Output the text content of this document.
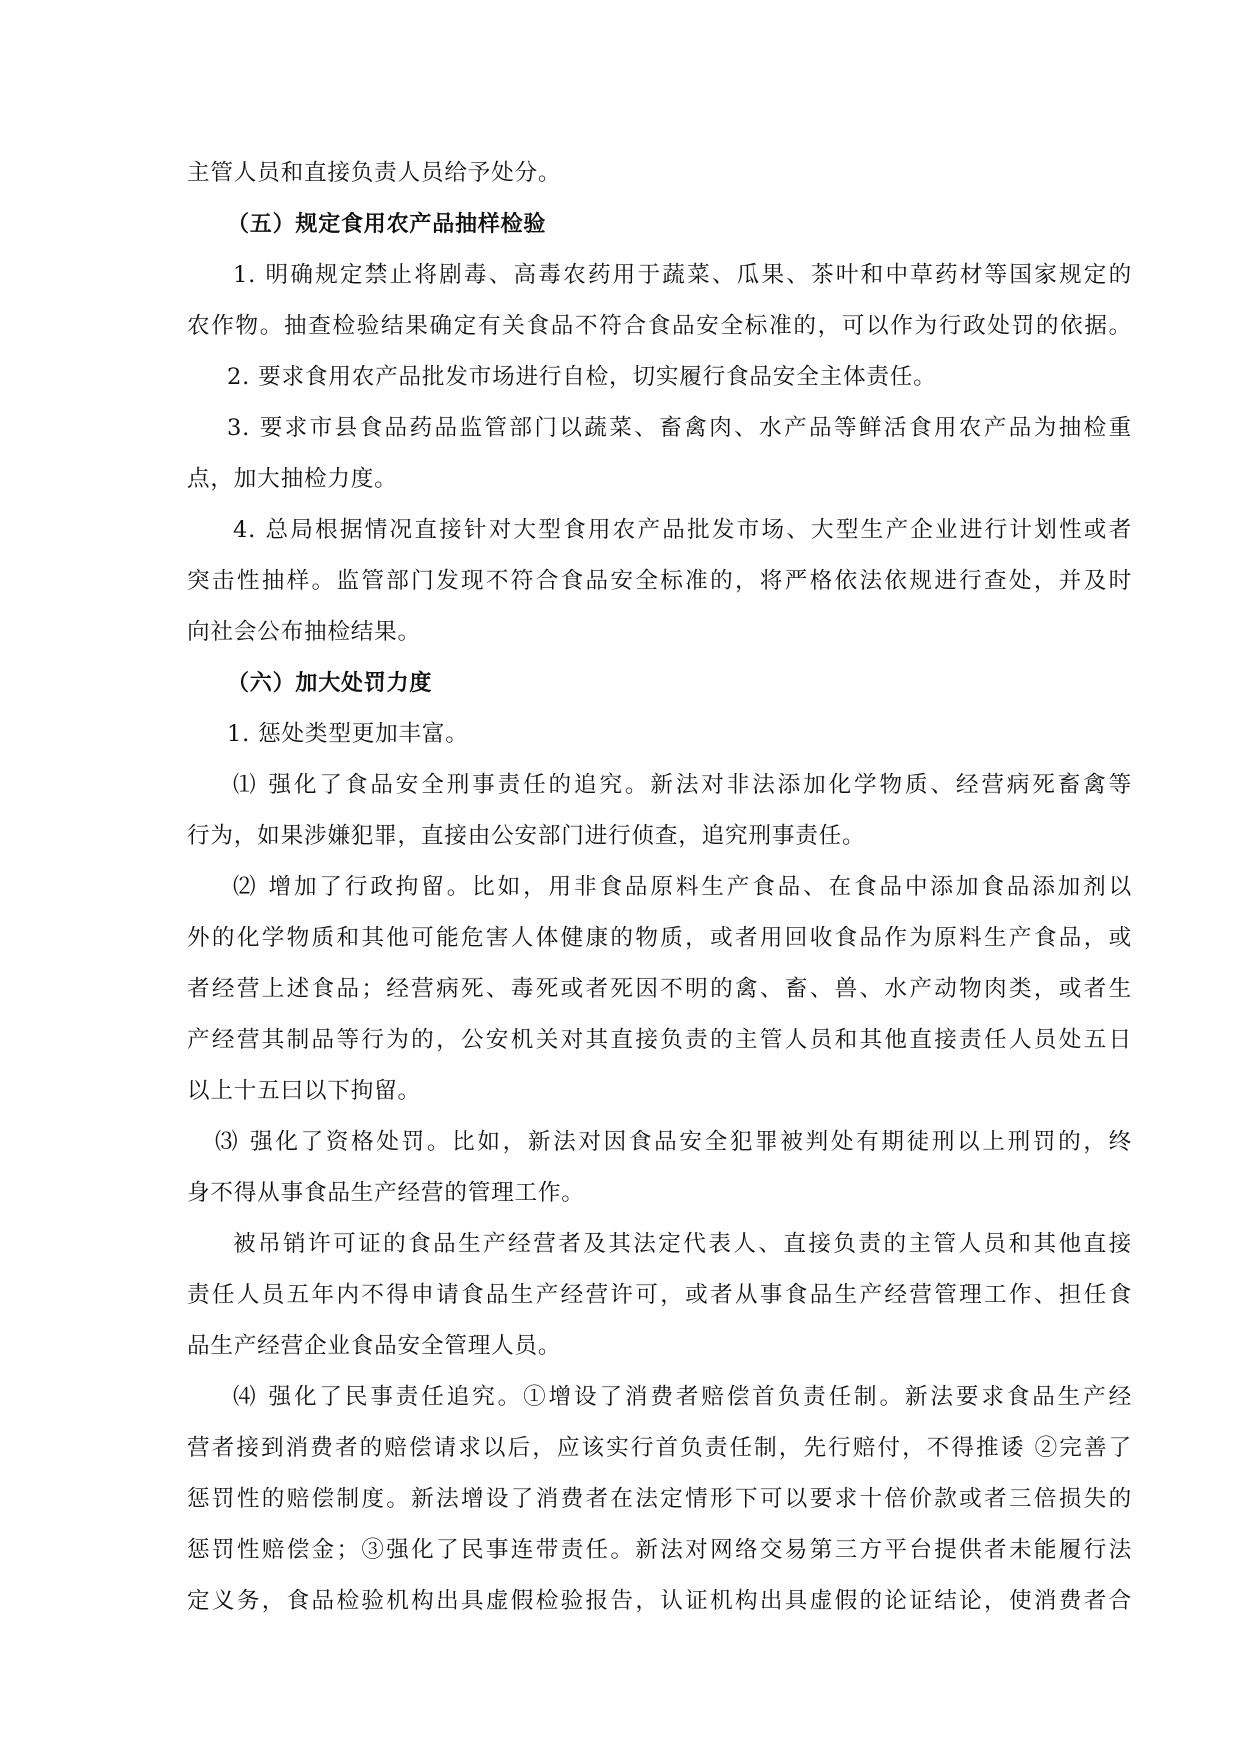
主管人员和直接负责人员给予处分。
（五）规定食用农产品抽样检验
1. 明确规定禁止将剧毒、高毒农药用于蔬菜、瓜果、茶叶和中草药材等国家规定的
农作物。抽查检验结果确定有关食品不符合食品安全标准的，可以作为行政处罚的依据。
2. 要求食用农产品批发市场进行自检，切实履行食品安全主体责任。
3. 要求市县食品药品监管部门以蔬菜、畜禽肉、水产品等鲜活食用农产品为抽检重
点，加大抽检力度。
4. 总局根据情况直接针对大型食用农产品批发市场、大型生产企业进行计划性或者
突击性抽样。监管部门发现不符合食品安全标准的，将严格依法依规进行查处，并及时
向社会公布抽检结果。
（六）加大处罚力度
1. 惩处类型更加丰富。
⑴ 强化了食品安全刑事责任的追究。新法对非法添加化学物质、经营病死畜禽等
行为，如果涉嫌犯罪，直接由公安部门进行侦查，追究刑事责任。
⑵ 增加了行政拘留。比如，用非食品原料生产食品、在食品中添加食品添加剂以
外的化学物质和其他可能危害人体健康的物质，或者用回收食品作为原料生产食品，或
者经营上述食品；经营病死、毒死或者死因不明的禽、畜、兽、水产动物肉类，或者生
产经营其制品等行为的，公安机关对其直接负责的主管人员和其他直接责任人员处五日
以上十五曰以下拘留。
⑶ 强化了资格处罚。比如，新法对因食品安全犯罪被判处有期徒刑以上刑罚的，终
身不得从事食品生产经营的管理工作。
被吊销许可证的食品生产经营者及其法定代表人、直接负责的主管人员和其他直接
责任人员五年内不得申请食品生产经营许可，或者从事食品生产经营管理工作、担任食
品生产经营企业食品安全管理人员。
⑷ 强化了民事责任追究。①增设了消费者赔偿首负责任制。新法要求食品生产经
营者接到消费者的赔偿请求以后，应该实行首负责任制，先行赔付，不得推诿 ②完善了
惩罚性的赔偿制度。新法增设了消费者在法定情形下可以要求十倍价款或者三倍损失的
惩罚性赔偿金；③强化了民事连带责任。新法对网络交易第三方平台提供者未能履行法
定义务，食品检验机构出具虚假检验报告，认证机构出具虚假的论证结论，使消费者合
